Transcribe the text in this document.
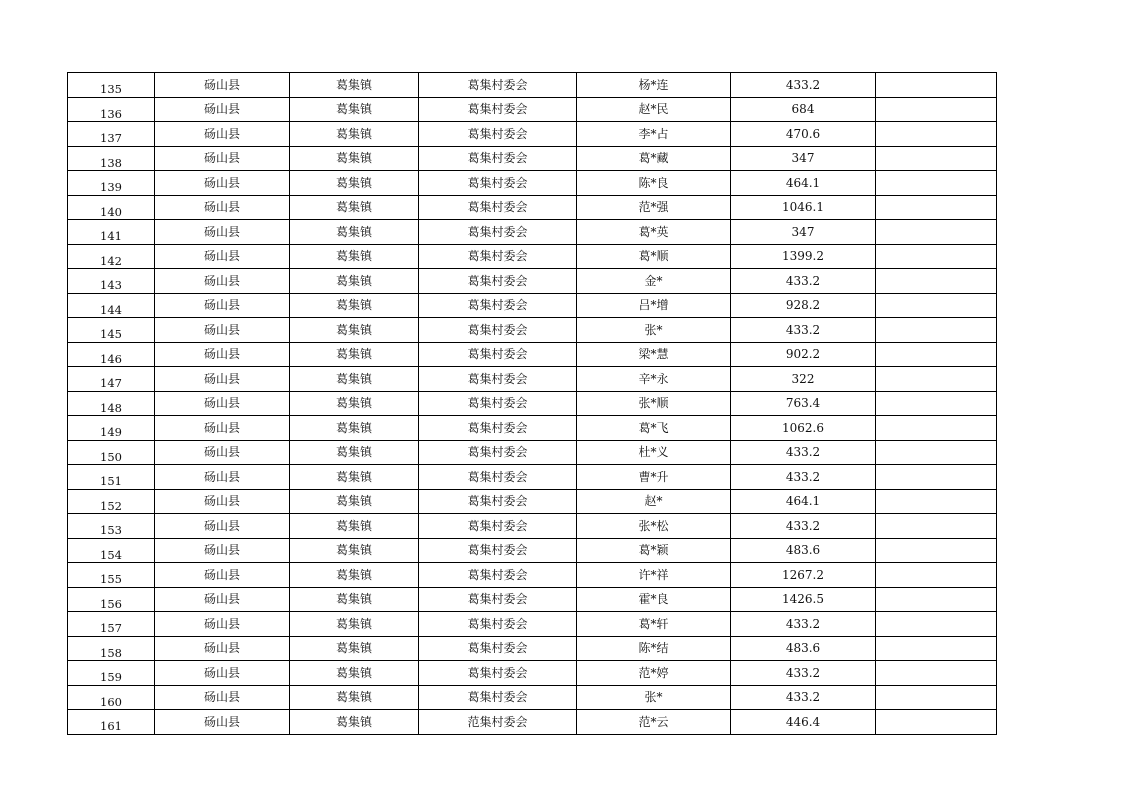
135	砀山县	葛集镇	葛集村委会	杨*连	433.2	
136	砀山县	葛集镇	葛集村委会	赵*民	684	
137	砀山县	葛集镇	葛集村委会	李*占	470.6	
138	砀山县	葛集镇	葛集村委会	葛*藏	347	
139	砀山县	葛集镇	葛集村委会	陈*良	464.1	
140	砀山县	葛集镇	葛集村委会	范*强	1046.1	
141	砀山县	葛集镇	葛集村委会	葛*英	347	
142	砀山县	葛集镇	葛集村委会	葛*顺	1399.2	
143	砀山县	葛集镇	葛集村委会	金*	433.2	
144	砀山县	葛集镇	葛集村委会	吕*增	928.2	
145	砀山县	葛集镇	葛集村委会	张*	433.2	
146	砀山县	葛集镇	葛集村委会	梁*慧	902.2	
147	砀山县	葛集镇	葛集村委会	辛*永	322	
148	砀山县	葛集镇	葛集村委会	张*顺	763.4	
149	砀山县	葛集镇	葛集村委会	葛*飞	1062.6	
150	砀山县	葛集镇	葛集村委会	杜*义	433.2	
151	砀山县	葛集镇	葛集村委会	曹*升	433.2	
152	砀山县	葛集镇	葛集村委会	赵*	464.1	
153	砀山县	葛集镇	葛集村委会	张*松	433.2	
154	砀山县	葛集镇	葛集村委会	葛*颖	483.6	
155	砀山县	葛集镇	葛集村委会	许*祥	1267.2	
156	砀山县	葛集镇	葛集村委会	霍*良	1426.5	
157	砀山县	葛集镇	葛集村委会	葛*轩	433.2	
158	砀山县	葛集镇	葛集村委会	陈*结	483.6	
159	砀山县	葛集镇	葛集村委会	范*婷	433.2	
160	砀山县	葛集镇	葛集村委会	张*	433.2	
161	砀山县	葛集镇	范集村委会	范*云	446.4	
